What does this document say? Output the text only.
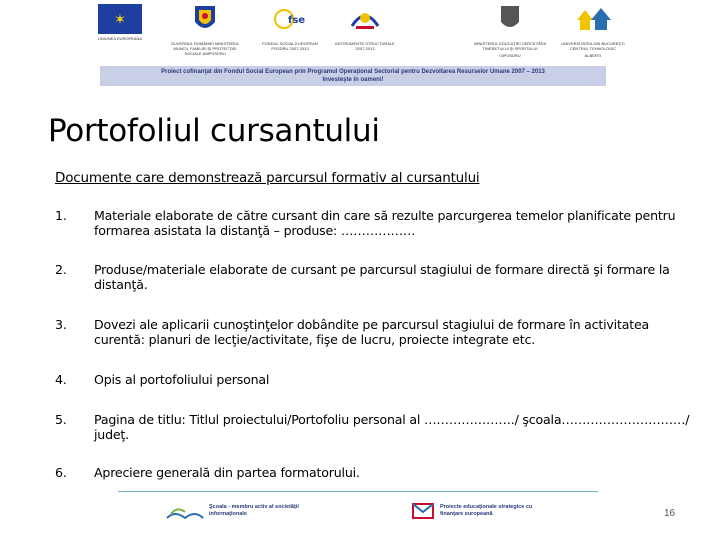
✶
UNIUNEA EUROPEANA
GUVERNUL ROMÂNIEI MINISTERUL MUNCII, FAMILIEI ŞI PROTECŢIEI SOCIALE AMPOSDRU
fse
FONDUL SOCIAL EUROPEAN POSDRU 2007-2013
INSTRUMENTE STRUCTURALE 2007-2013
MINISTERUL EDUCAŢIEI CERCETĂRII TINERETULUI ŞI SPORTULUI
OIPOSDRU
UNIVERSITATEA DIN BUCUREŞTI CENTRUL TEHNOLOGIC
ALBERTI
Proiect cofinanţat din Fondul Social European prin Programul Operaţional Sectorial pentru Dezvoltarea Resurselor Umane 2007 – 2013
Investeşte în oameni!
Portofoliul cursantului
Documente care demonstrează parcursul formativ al cursantului
1. Materiale elaborate de către cursant din care să rezulte parcurgerea temelor planificate pentru formarea asistata la distanţă – produse: ………………
2. Produse/materiale elaborate de cursant pe parcursul stagiului de formare directă şi formare la distanţă.
3. Dovezi ale aplicarii cunoştinţelor dobândite pe parcursul stagiului de formare în activitatea curentă: planuri de lecţie/activitate, fişe de lucru, proiecte integrate etc.
4. Opis al portofoliului personal
5. Pagina de titlu: Titlul proiectului/Portofoliu personal al …………………./ şcoala…………………………/ judeţ.
6. Apreciere generală din partea formatorului.
Şcoala - membru activ al societăţii informaţionale
Proiecte educaţionale strategice cu finanţare europeană	16
